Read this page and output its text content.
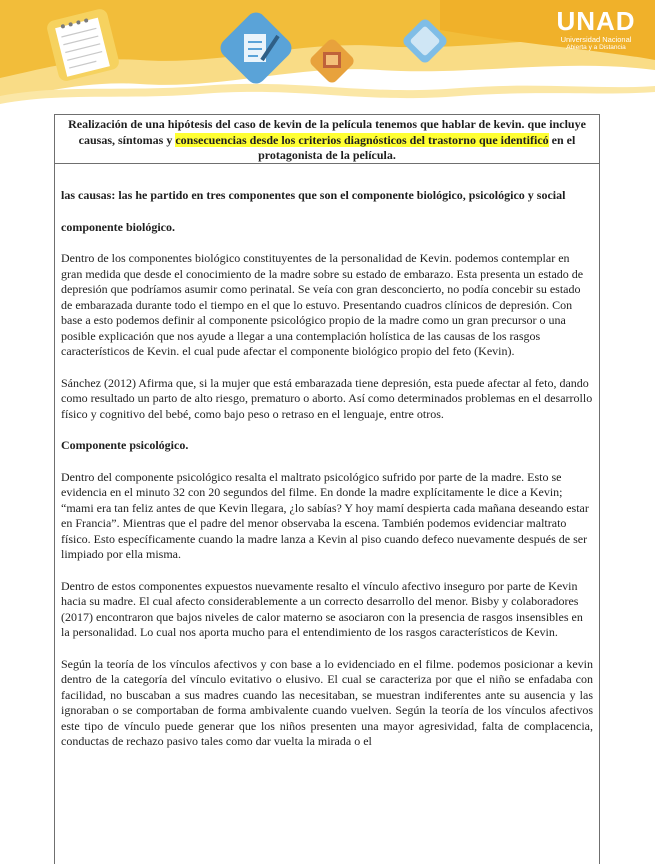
UNAD
Universidad Nacional
Abierta y a Distancia
Realización de una hipótesis del caso de kevin de la película tenemos que hablar de kevin. que incluye causas, síntomas y consecuencias desde los criterios diagnósticos del trastorno que identificó en el protagonista de la película.

las causas: las he partido en tres componentes que son el componente biológico, psicológico y social

componente biológico.

Dentro de los componentes biológico constituyentes de la personalidad de Kevin. podemos contemplar en gran medida que desde el conocimiento de la madre sobre su estado de embarazo. Esta presenta un estado de depresión que podríamos asumir como perinatal. Se veía con gran desconcierto, no podía concebir su estado de embarazada durante todo el tiempo en el que lo estuvo. Presentando cuadros clínicos de depresión. Con base a esto podemos definir al componente psicológico propio de la madre como un gran precursor o una posible explicación que nos ayude a llegar a una contemplación holística de las causas de los rasgos característicos de Kevin. el cual pude afectar el componente biológico propio del feto (Kevin).

Sánchez (2012) Afirma que, si la mujer que está embarazada tiene depresión, esta puede afectar al feto, dando como resultado un parto de alto riesgo, prematuro o aborto. Así como determinados problemas en el desarrollo físico y cognitivo del bebé, como bajo peso o retraso en el lenguaje, entre otros.

Componente psicológico.

Dentro del componente psicológico resalta el maltrato psicológico sufrido por parte de la madre. Esto se evidencia en el minuto 32 con 20 segundos del filme. En donde la madre explícitamente le dice a Kevin; “mami era tan feliz antes de que Kevin llegara, ¿lo sabías? Y hoy mamí despierta cada mañana deseando estar en Francia”. Mientras que el padre del menor observaba la escena. También podemos evidenciar maltrato físico. Esto específicamente cuando la madre lanza a Kevin al piso cuando defeco nuevamente después de ser limpiado por ella misma.

Dentro de estos componentes expuestos nuevamente resalto el vínculo afectivo inseguro por parte de Kevin hacia su madre. El cual afecto considerablemente a un correcto desarrollo del menor. Bisby y colaboradores (2017) encontraron que bajos niveles de calor materno se asociaron con la presencia de rasgos insensibles en la personalidad. Lo cual nos aporta mucho para el entendimiento de los rasgos característicos de Kevin.

Según la teoría de los vínculos afectivos y con base a lo evidenciado en el filme. podemos posicionar a kevin dentro de la categoría del vínculo evitativo o elusivo. El cual se caracteriza por que el niño se enfadaba con facilidad, no buscaban a sus madres cuando las necesitaban, se muestran indiferentes ante su ausencia y las ignoraban o se comportaban de forma ambivalente cuando vuelven. Según la teoría de los vínculos afectivos este tipo de vínculo puede generar que los niños presenten una mayor agresividad, falta de complacencia, conductas de rechazo pasivo tales como dar vuelta la mirada o el
